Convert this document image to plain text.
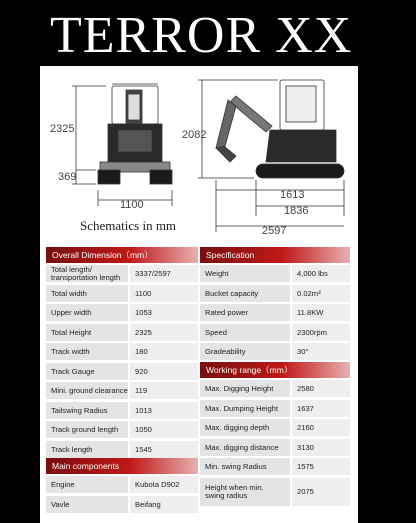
TERROR XX
2325
369
1100
2082
1613
1836
2597
Schematics in mm
Overall Dimension（mm）
Total length/
transportation length	3337/2597
Total width	1100
Upper width	1053
Total Height	2325
Track width	180
Track Gauge	920
Mini. ground clearance 119
Tailswing Radius	1013
Track ground length	1050
Track length	1545
Main components
Engine	Kubota D902
Vavle	Beifang
Specification
Weight	4,000 lbs
Bucket capacity	0.02m³
Rated power	11.8KW
Speed	2300rpm
Gradeability	30°
Working range（mm）
Max. Digging Height	2580
Max. Dumping Height	1637
Max. digging depth	2160
Max. digging distance	3130
Min. swing Radius	1575
Height when min.
swing radius	2075
